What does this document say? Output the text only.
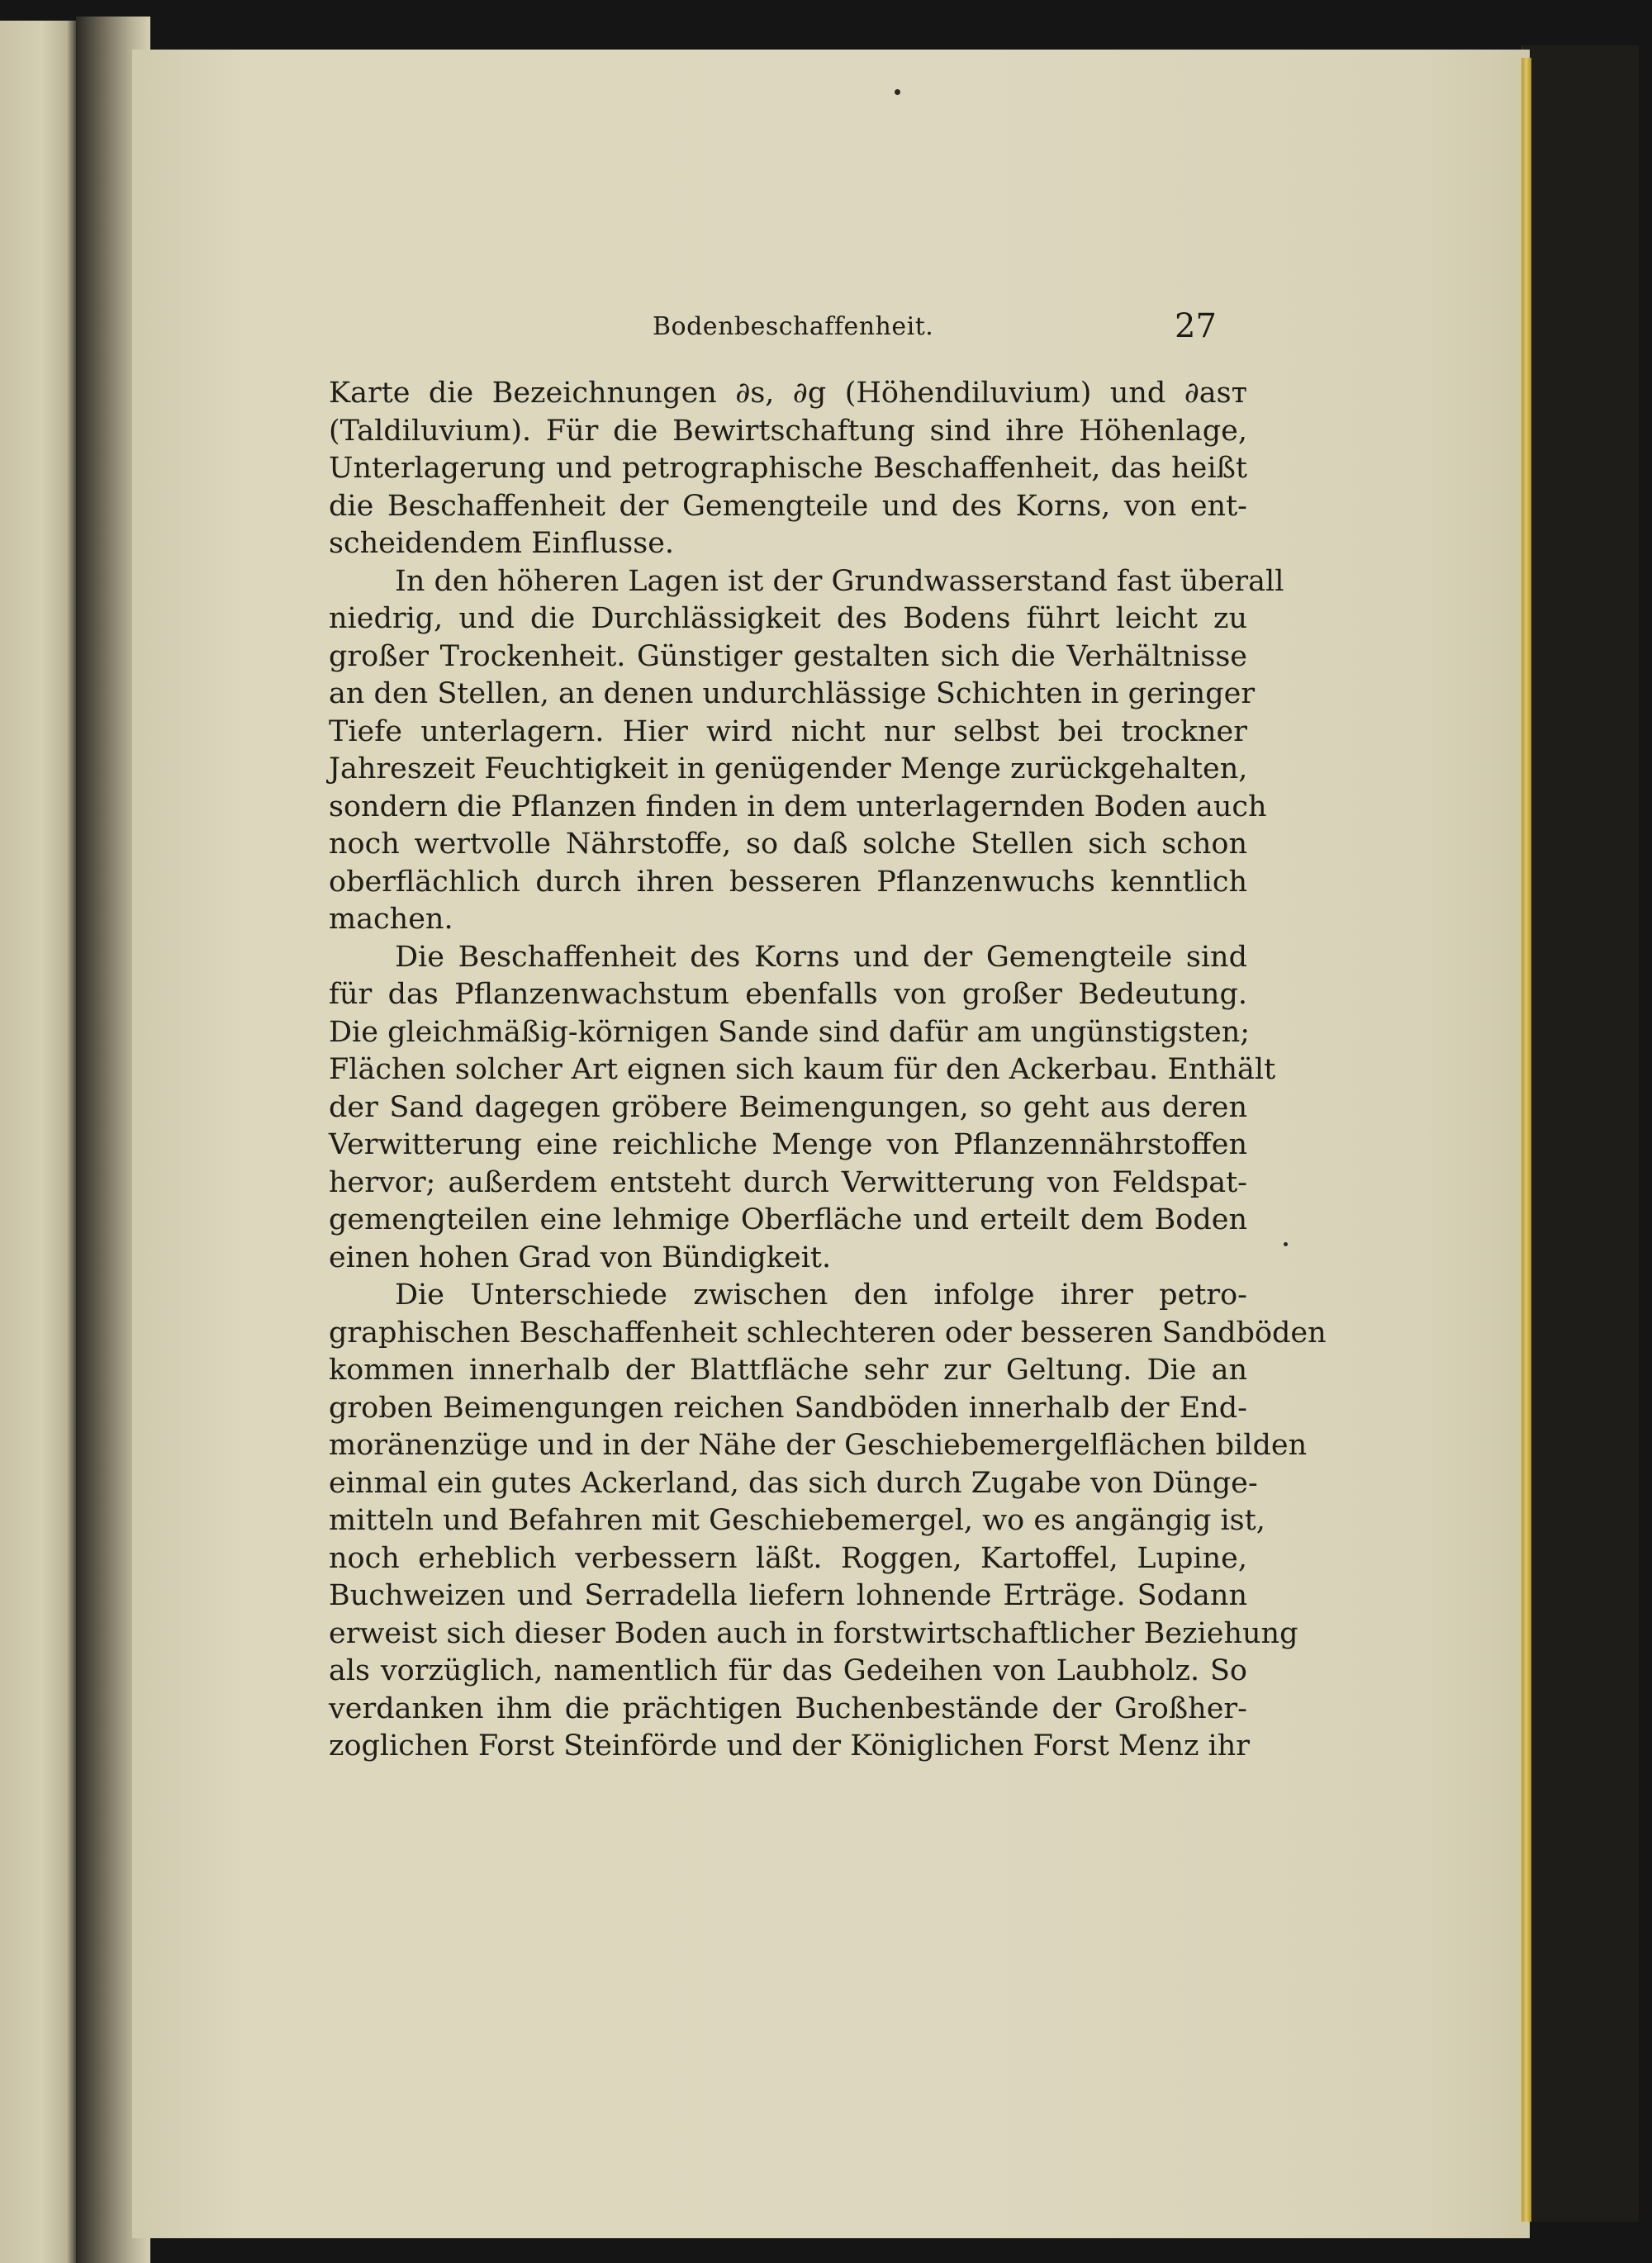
Bodenbeschaffenheit.	27
Karte die Bezeichnungen ∂s, ∂g (Höhendiluvium) und ∂asᴛ
(Taldiluvium). Für die Bewirtschaftung sind ihre Höhenlage,
Unterlagerung und petrographische Beschaffenheit, das heißt
die Beschaffenheit der Gemengteile und des Korns, von ent-
scheidendem Einflusse.
In den höheren Lagen ist der Grundwasserstand fast überall
niedrig, und die Durchlässigkeit des Bodens führt leicht zu
großer Trockenheit. Günstiger gestalten sich die Verhältnisse
an den Stellen, an denen undurchlässige Schichten in geringer
Tiefe unterlagern. Hier wird nicht nur selbst bei trockner
Jahreszeit Feuchtigkeit in genügender Menge zurückgehalten,
sondern die Pflanzen finden in dem unterlagernden Boden auch
noch wertvolle Nährstoffe, so daß solche Stellen sich schon
oberflächlich durch ihren besseren Pflanzenwuchs kenntlich
machen.
Die Beschaffenheit des Korns und der Gemengteile sind
für das Pflanzenwachstum ebenfalls von großer Bedeutung.
Die gleichmäßig-körnigen Sande sind dafür am ungünstigsten;
Flächen solcher Art eignen sich kaum für den Ackerbau. Enthält
der Sand dagegen gröbere Beimengungen, so geht aus deren
Verwitterung eine reichliche Menge von Pflanzennährstoffen
hervor; außerdem entsteht durch Verwitterung von Feldspat-
gemengteilen eine lehmige Oberfläche und erteilt dem Boden
einen hohen Grad von Bündigkeit.
Die Unterschiede zwischen den infolge ihrer petro-
graphischen Beschaffenheit schlechteren oder besseren Sandböden
kommen innerhalb der Blattfläche sehr zur Geltung. Die an
groben Beimengungen reichen Sandböden innerhalb der End-
moränenzüge und in der Nähe der Geschiebemergelflächen bilden
einmal ein gutes Ackerland, das sich durch Zugabe von Dünge-
mitteln und Befahren mit Geschiebemergel, wo es angängig ist,
noch erheblich verbessern läßt. Roggen, Kartoffel, Lupine,
Buchweizen und Serradella liefern lohnende Erträge. Sodann
erweist sich dieser Boden auch in forstwirtschaftlicher Beziehung
als vorzüglich, namentlich für das Gedeihen von Laubholz. So
verdanken ihm die prächtigen Buchenbestände der Großher-
zoglichen Forst Steinförde und der Königlichen Forst Menz ihr
